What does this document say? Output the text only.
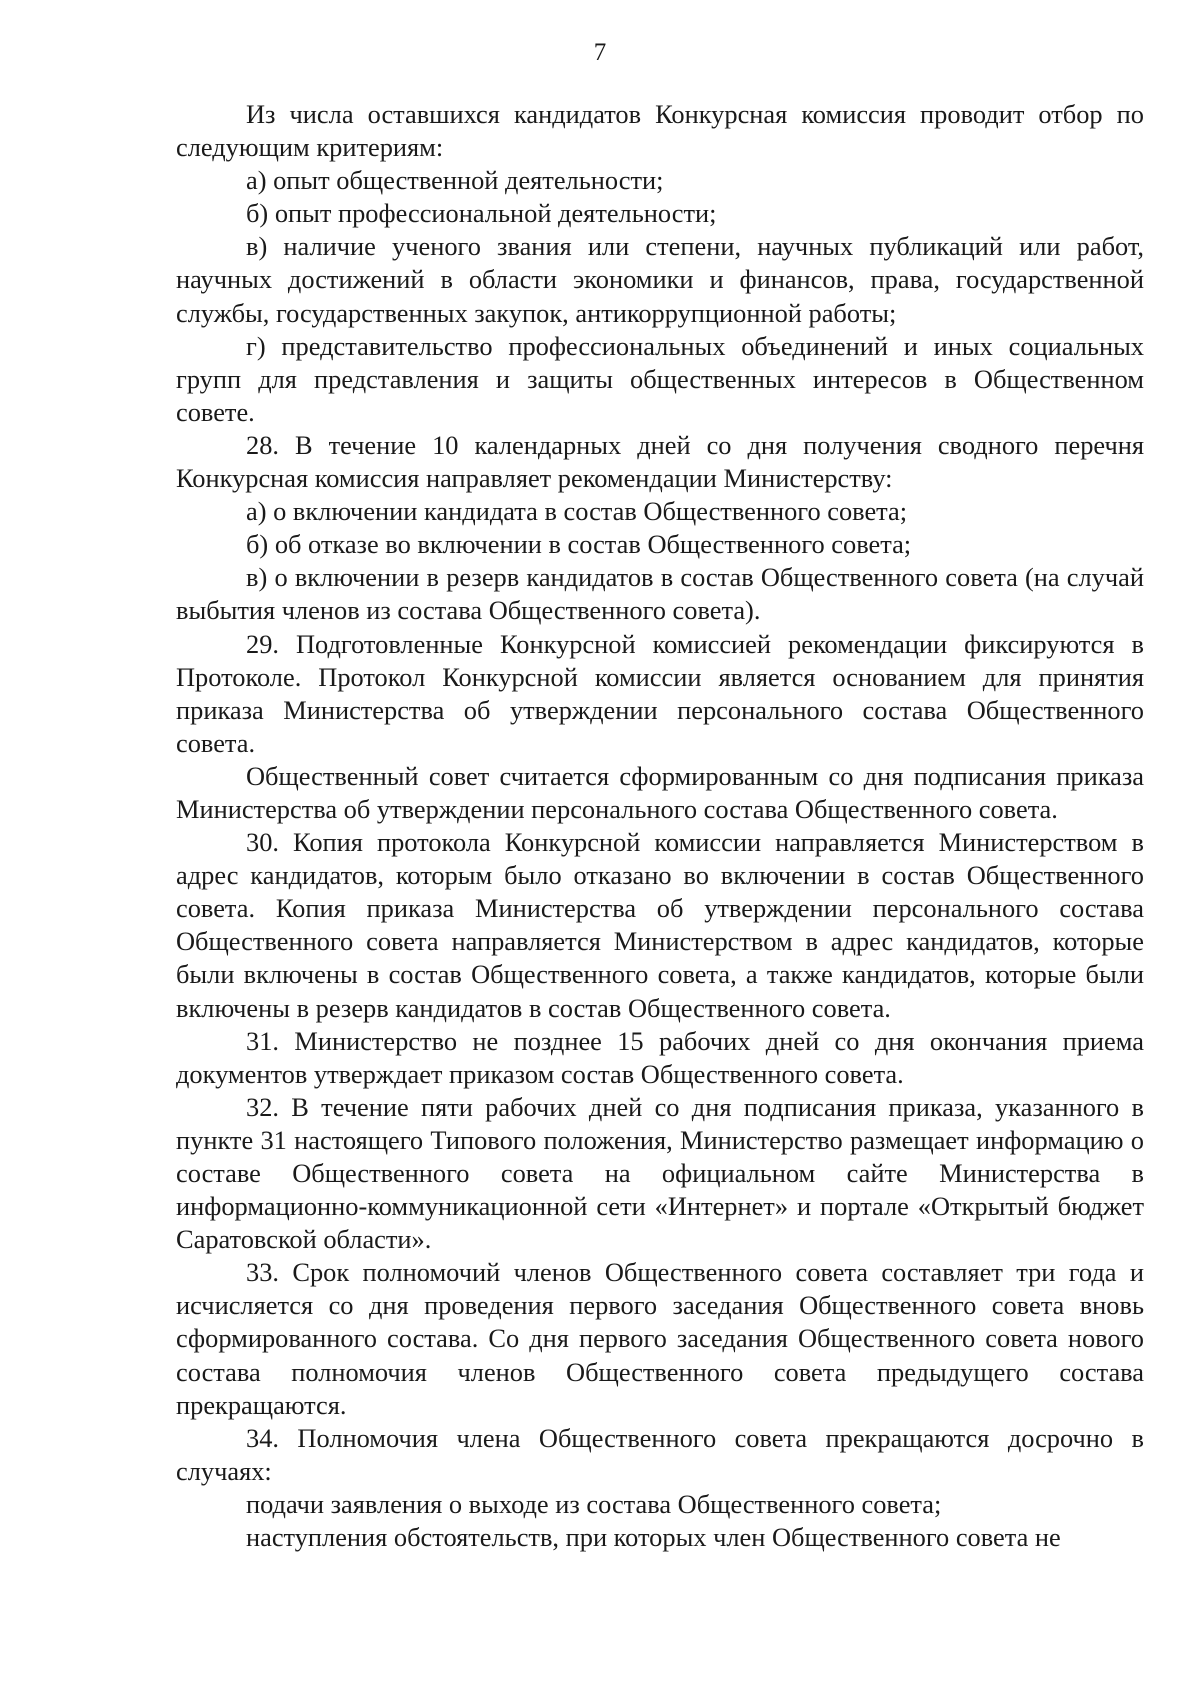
7

Из числа оставшихся кандидатов Конкурсная комиссия проводит отбор по следующим критериям:

а) опыт общественной деятельности;

б) опыт профессиональной деятельности;

в) наличие ученого звания или степени, научных публикаций или работ, научных достижений в области экономики и финансов, права, государственной службы, государственных закупок, антикоррупционной работы;

г) представительство профессиональных объединений и иных социальных групп для представления и защиты общественных интересов в Общественном совете.

28. В течение 10 календарных дней со дня получения сводного перечня Конкурсная комиссия направляет рекомендации Министерству:

а) о включении кандидата в состав Общественного совета;

б) об отказе во включении в состав Общественного совета;

в) о включении в резерв кандидатов в состав Общественного совета (на случай выбытия членов из состава Общественного совета).

29. Подготовленные Конкурсной комиссией рекомендации фиксируются в Протоколе. Протокол Конкурсной комиссии является основанием для принятия приказа Министерства об утверждении персонального состава Общественного совета.

Общественный совет считается сформированным со дня подписания приказа Министерства об утверждении персонального состава Общественного совета.

30. Копия протокола Конкурсной комиссии направляется Министерством в адрес кандидатов, которым было отказано во включении в состав Общественного совета. Копия приказа Министерства об утверждении персонального состава Общественного совета направляется Министерством в адрес кандидатов, которые были включены в состав Общественного совета, а также кандидатов, которые были включены в резерв кандидатов в состав Общественного совета.

31. Министерство не позднее 15 рабочих дней со дня окончания приема документов утверждает приказом состав Общественного совета.

32. В течение пяти рабочих дней со дня подписания приказа, указанного в пункте 31 настоящего Типового положения, Министерство размещает информацию о составе Общественного совета на официальном сайте Министерства в информационно-коммуникационной сети «Интернет» и портале «Открытый бюджет Саратовской области».

33. Срок полномочий членов Общественного совета составляет три года и исчисляется со дня проведения первого заседания Общественного совета вновь сформированного состава. Со дня первого заседания Общественного совета нового состава полномочия членов Общественного совета предыдущего состава прекращаются.

34. Полномочия члена Общественного совета прекращаются досрочно в случаях:

подачи заявления о выходе из состава Общественного совета;

наступления обстоятельств, при которых член Общественного совета не
